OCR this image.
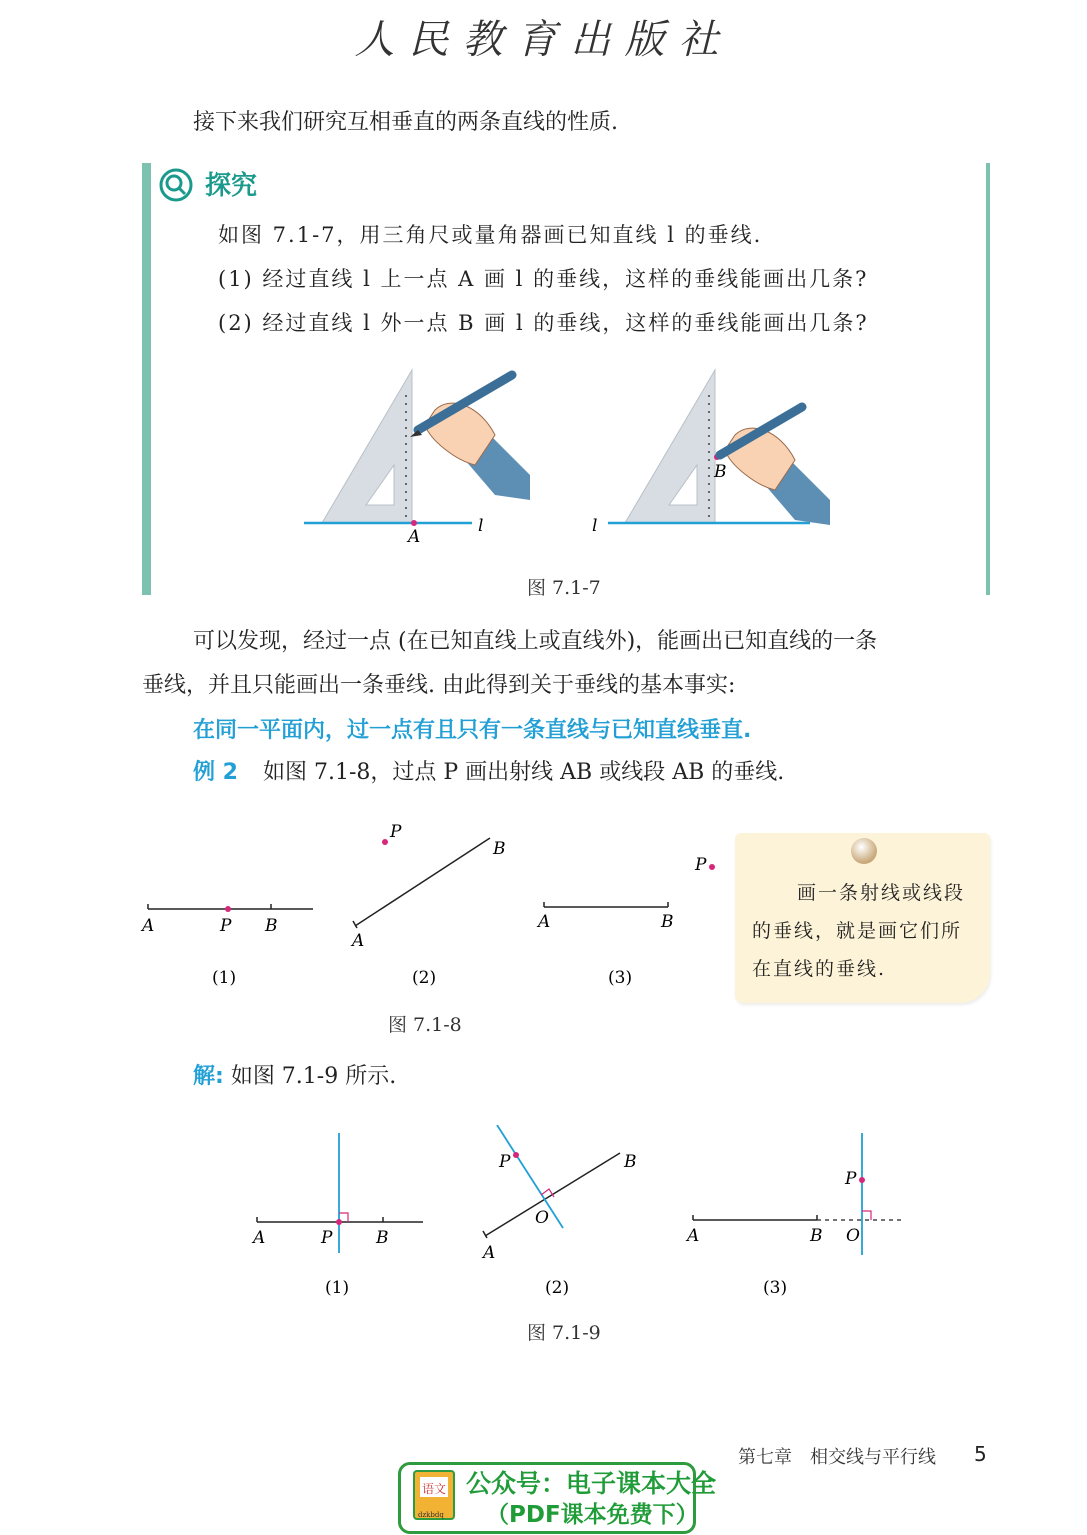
人民教育出版社
接下来我们研究互相垂直的两条直线的性质.
探究
如图 7.1-7，用三角尺或量角器画已知直线 l 的垂线.
(1) 经过直线 l 上一点 A 画 l 的垂线，这样的垂线能画出几条?
(2) 经过直线 l 外一点 B 画 l 的垂线，这样的垂线能画出几条?
A
l
B
l
图 7.1-7
可以发现，经过一点 (在已知直线上或直线外)，能画出已知直线的一条
垂线，并且只能画出一条垂线. 由此得到关于垂线的基本事实:
在同一平面内，过一点有且只有一条直线与已知直线垂直.
例 2 如图 7.1-8，过点 P 画出射线 AB 或线段 AB 的垂线.
A	P B
P
B
A
P
A	B
(1)	(2)	(3)
图 7.1-8
画一条射线或线段
的垂线，就是画它们所
在直线的垂线.
解: 如图 7.1-9 所示.
A	P	B
P	B
O
A
P
A	B O
(1)	(2)	(3)
图 7.1-9
第七章　相交线与平行线 5
语文
dzkbdq
公众号：电子课本大全
（PDF课本免费下）
